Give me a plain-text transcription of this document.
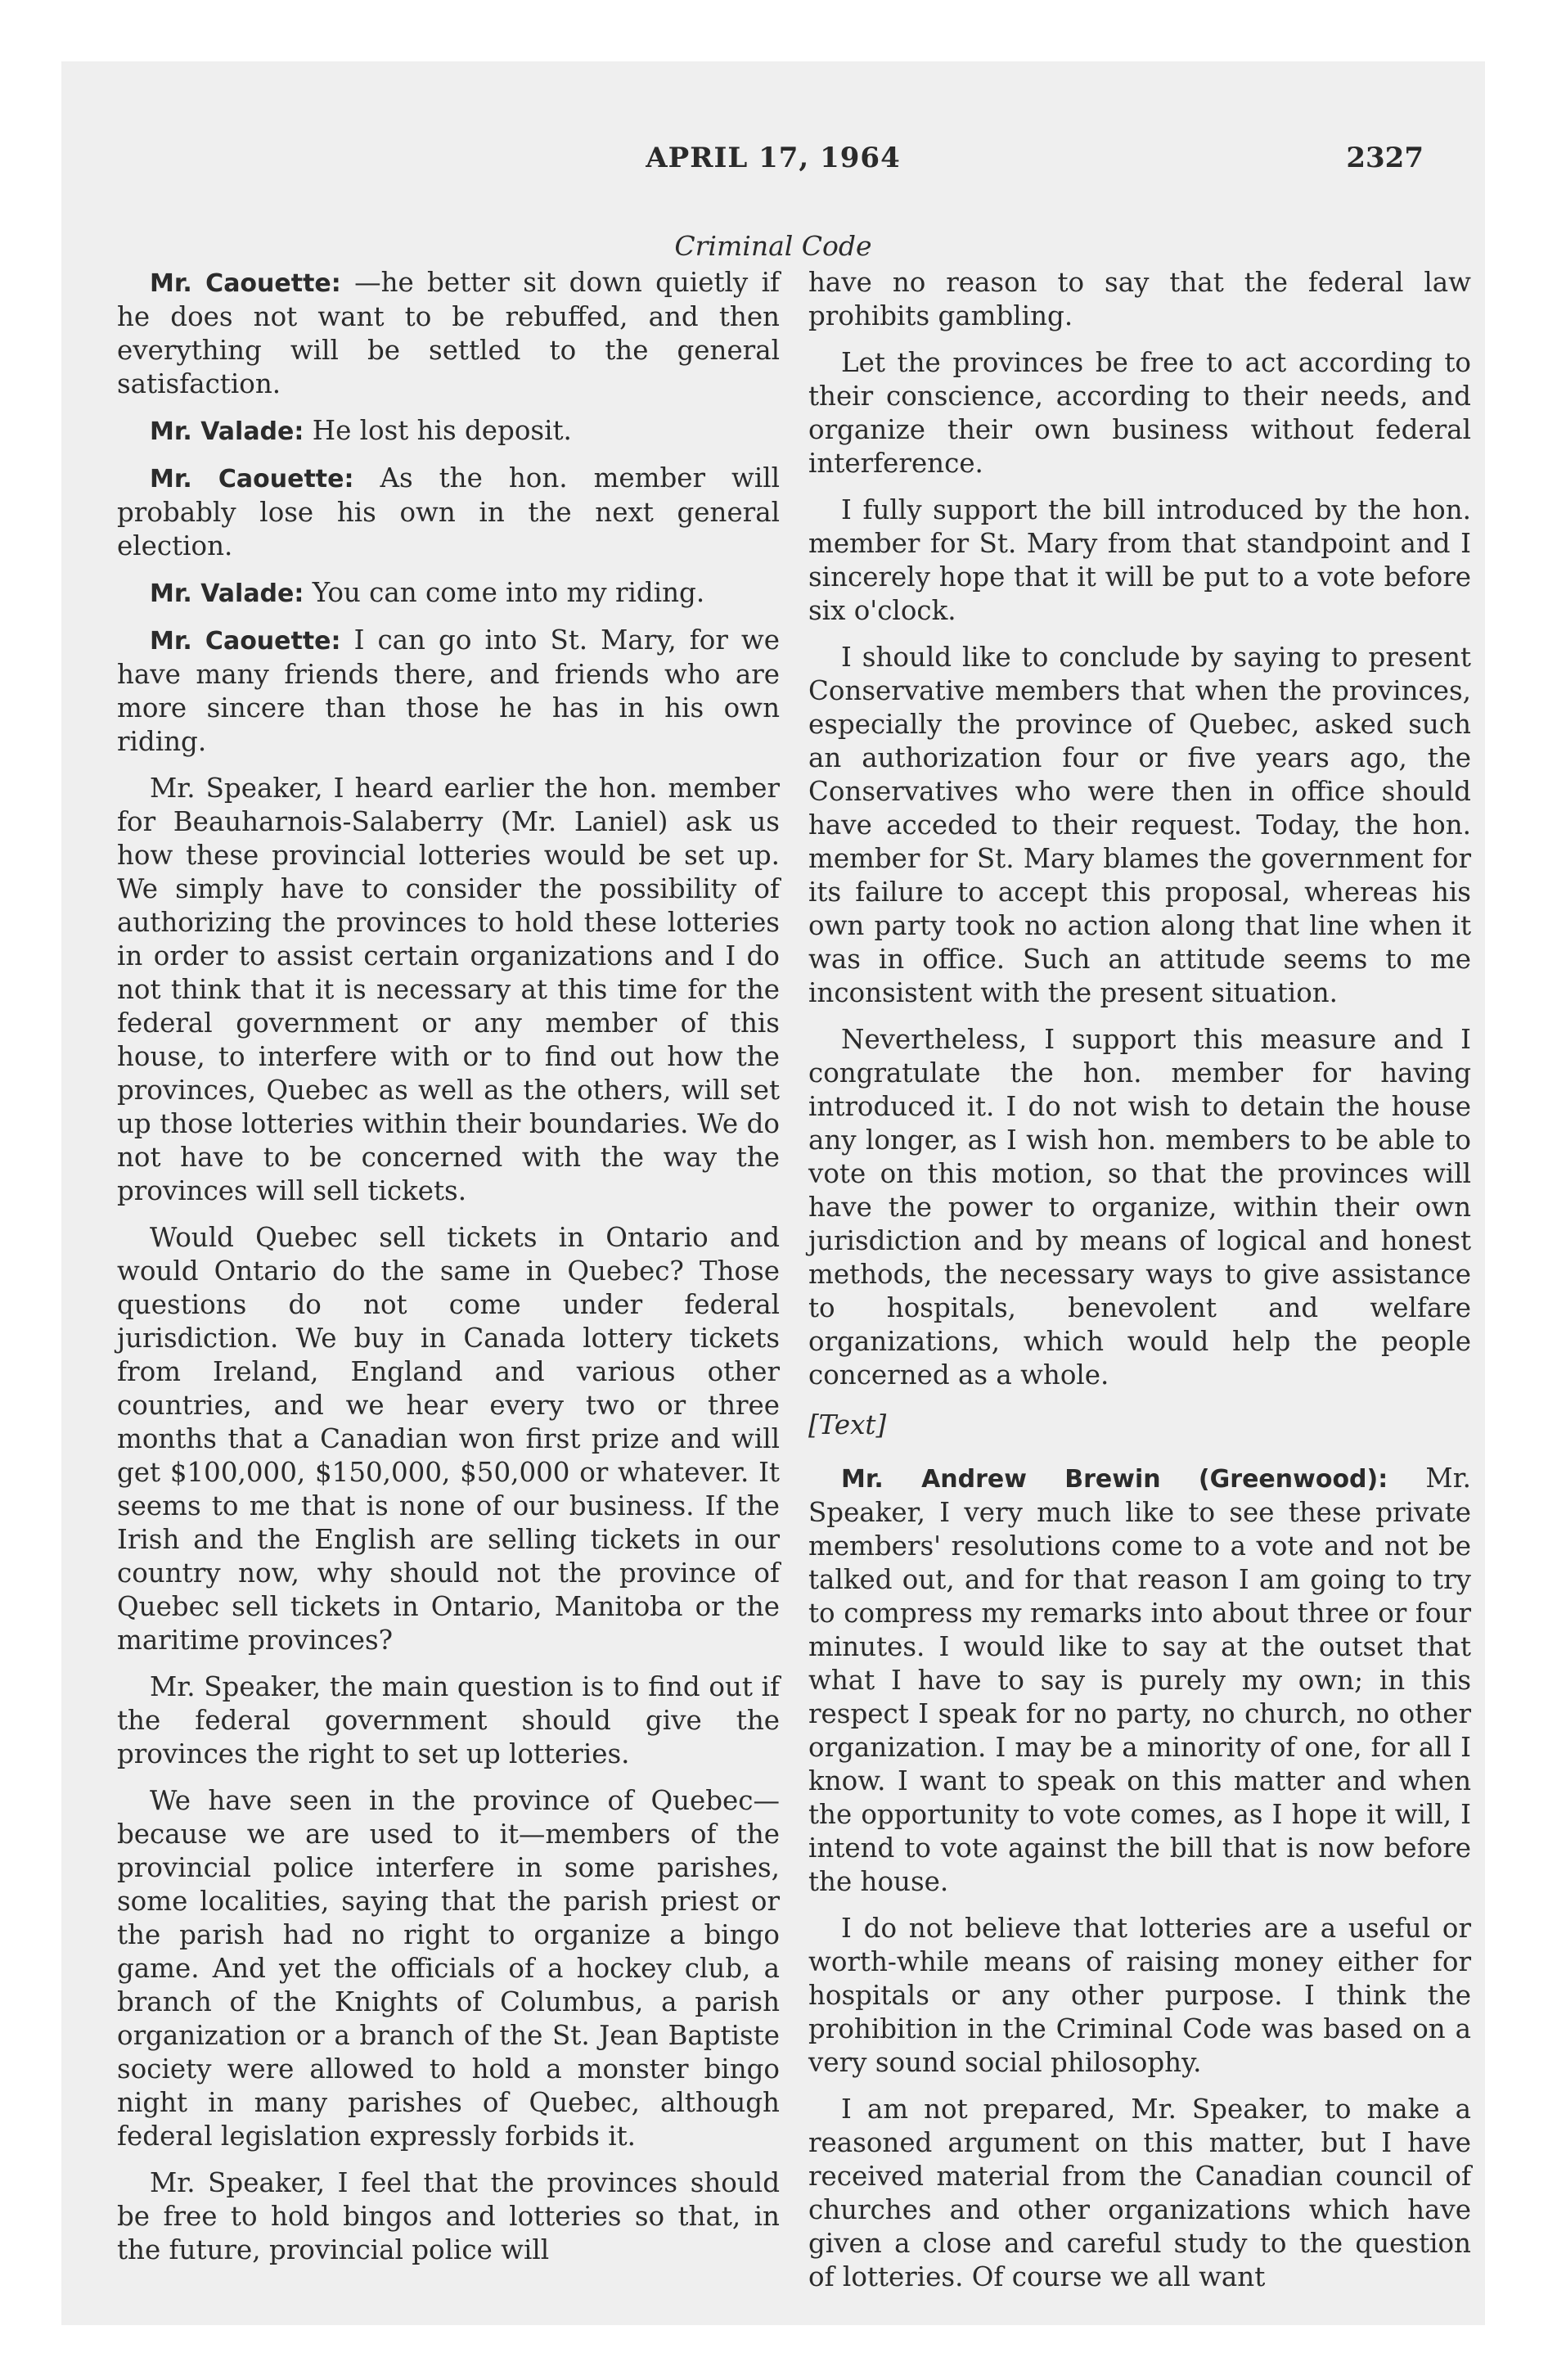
APRIL 17, 1964	2327
Criminal Code

Mr. Caouette: —he better sit down quietly if he does not want to be rebuffed, and then everything will be settled to the general satisfaction.

Mr. Valade: He lost his deposit.

Mr. Caouette: As the hon. member will probably lose his own in the next general election.

Mr. Valade: You can come into my riding.

Mr. Caouette: I can go into St. Mary, for we have many friends there, and friends who are more sincere than those he has in his own riding.

Mr. Speaker, I heard earlier the hon. member for Beauharnois-Salaberry (Mr. Laniel) ask us how these provincial lotteries would be set up. We simply have to consider the possibility of authorizing the provinces to hold these lotteries in order to assist certain organizations and I do not think that it is necessary at this time for the federal government or any member of this house, to interfere with or to find out how the provinces, Quebec as well as the others, will set up those lotteries within their boundaries. We do not have to be concerned with the way the provinces will sell tickets.

Would Quebec sell tickets in Ontario and would Ontario do the same in Quebec? Those questions do not come under federal jurisdiction. We buy in Canada lottery tickets from Ireland, England and various other countries, and we hear every two or three months that a Canadian won first prize and will get $100,000, $150,000, $50,000 or whatever. It seems to me that is none of our business. If the Irish and the English are selling tickets in our country now, why should not the province of Quebec sell tickets in Ontario, Manitoba or the maritime provinces?

Mr. Speaker, the main question is to find out if the federal government should give the provinces the right to set up lotteries.

We have seen in the province of Quebec—because we are used to it—members of the provincial police interfere in some parishes, some localities, saying that the parish priest or the parish had no right to organize a bingo game. And yet the officials of a hockey club, a branch of the Knights of Columbus, a parish organization or a branch of the St. Jean Baptiste society were allowed to hold a monster bingo night in many parishes of Quebec, although federal legislation expressly forbids it.

Mr. Speaker, I feel that the provinces should be free to hold bingos and lotteries so that, in the future, provincial police will

have no reason to say that the federal law prohibits gambling.

Let the provinces be free to act according to their conscience, according to their needs, and organize their own business without federal interference.

I fully support the bill introduced by the hon. member for St. Mary from that standpoint and I sincerely hope that it will be put to a vote before six o'clock.

I should like to conclude by saying to present Conservative members that when the provinces, especially the province of Quebec, asked such an authorization four or five years ago, the Conservatives who were then in office should have acceded to their request. Today, the hon. member for St. Mary blames the government for its failure to accept this proposal, whereas his own party took no action along that line when it was in office. Such an attitude seems to me inconsistent with the present situation.

Nevertheless, I support this measure and I congratulate the hon. member for having introduced it. I do not wish to detain the house any longer, as I wish hon. members to be able to vote on this motion, so that the provinces will have the power to organize, within their own jurisdiction and by means of logical and honest methods, the necessary ways to give assistance to hospitals, benevolent and welfare organizations, which would help the people concerned as a whole.

[Text]

Mr. Andrew Brewin (Greenwood): Mr. Speaker, I very much like to see these private members' resolutions come to a vote and not be talked out, and for that reason I am going to try to compress my remarks into about three or four minutes. I would like to say at the outset that what I have to say is purely my own; in this respect I speak for no party, no church, no other organization. I may be a minority of one, for all I know. I want to speak on this matter and when the opportunity to vote comes, as I hope it will, I intend to vote against the bill that is now before the house.

I do not believe that lotteries are a useful or worth-while means of raising money either for hospitals or any other purpose. I think the prohibition in the Criminal Code was based on a very sound social philosophy.

I am not prepared, Mr. Speaker, to make a reasoned argument on this matter, but I have received material from the Canadian council of churches and other organizations which have given a close and careful study to the question of lotteries. Of course we all want
